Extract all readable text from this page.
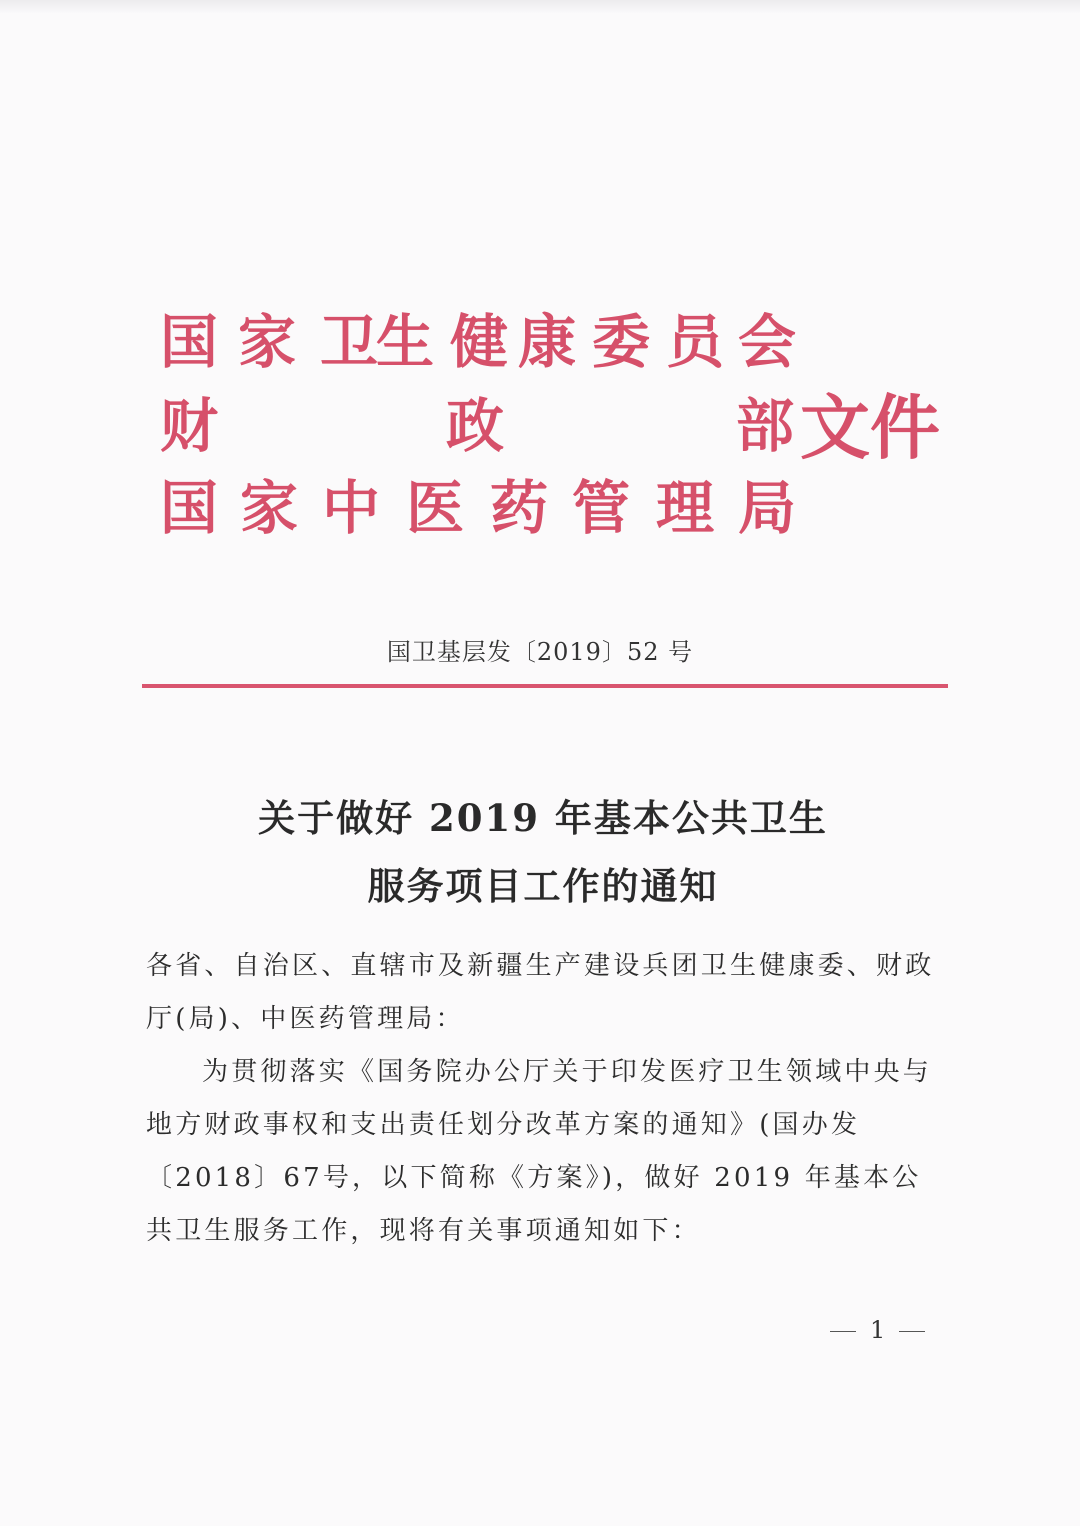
国 家 卫
生 健 康 委 员 会
财	政	部 文件
国 家 中 医 药 管 理 局
国卫基层发〔2019〕52 号
关于做好 2019 年基本公共卫生
服务项目工作的通知
各省、自治区、直辖市及新疆生产建设兵团卫生健康委、财政厅(局)、中医药管理局：
为贯彻落实《国务院办公厅关于印发医疗卫生领域中央与地方财政事权和支出责任划分改革方案的通知》(国办发〔2018〕67号，以下简称《方案》)，做好 2019 年基本公共卫生服务工作，现将有关事项通知如下：
1
